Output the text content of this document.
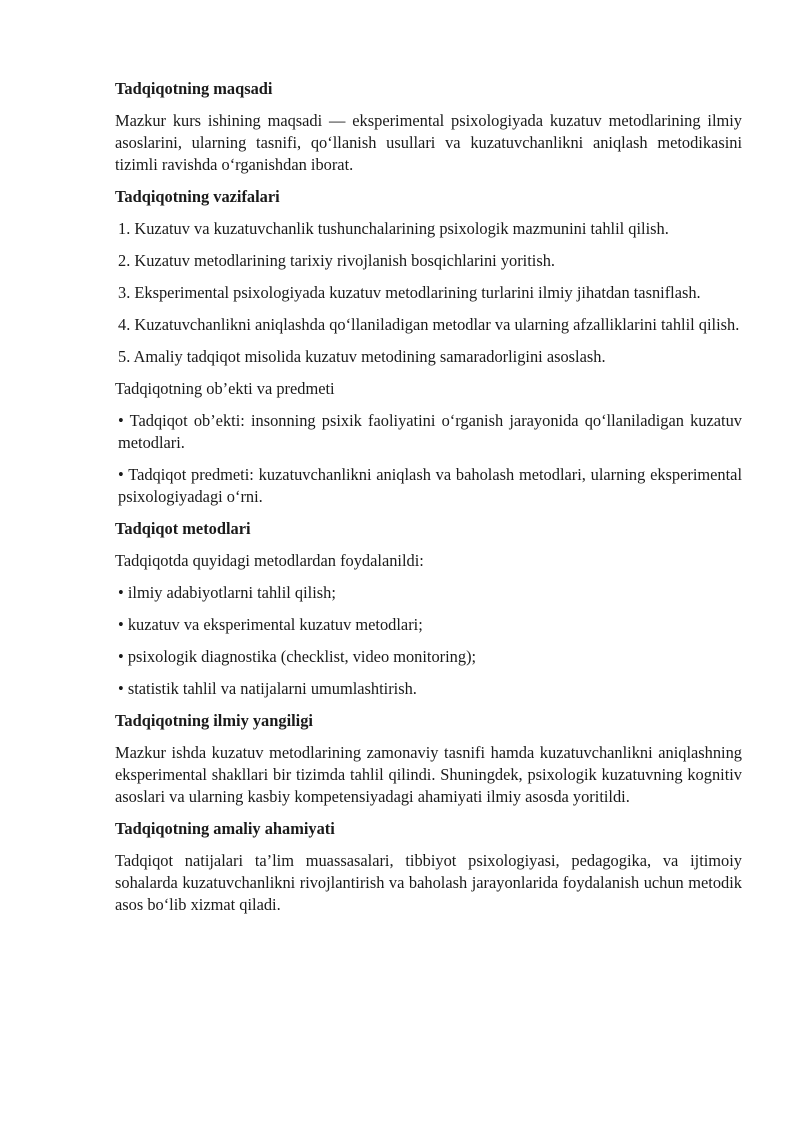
Tadqiqotning maqsadi
Mazkur kurs ishining maqsadi — eksperimental psixologiyada kuzatuv metodlarining ilmiy asoslarini, ularning tasnifi, qo‘llanish usullari va kuzatuvchanlikni aniqlash metodikasini tizimli ravishda o‘rganishdan iborat.
Tadqiqotning vazifalari
1. Kuzatuv va kuzatuvchanlik tushunchalarining psixologik mazmunini tahlil qilish.
2. Kuzatuv metodlarining tarixiy rivojlanish bosqichlarini yoritish.
3. Eksperimental psixologiyada kuzatuv metodlarining turlarini ilmiy jihatdan tasniflash.
4. Kuzatuvchanlikni aniqlashda qo‘llaniladigan metodlar va ularning afzalliklarini tahlil qilish.
5. Amaliy tadqiqot misolida kuzatuv metodining samaradorligini asoslash.
Tadqiqotning ob’ekti va predmeti
• Tadqiqot ob’ekti: insonning psixik faoliyatini o‘rganish jarayonida qo‘llaniladigan kuzatuv metodlari.
• Tadqiqot predmeti: kuzatuvchanlikni aniqlash va baholash metodlari, ularning eksperimental psixologiyadagi o‘rni.
Tadqiqot metodlari
Tadqiqotda quyidagi metodlardan foydalanildi:
• ilmiy adabiyotlarni tahlil qilish;
• kuzatuv va eksperimental kuzatuv metodlari;
• psixologik diagnostika (checklist, video monitoring);
• statistik tahlil va natijalarni umumlashtirish.
Tadqiqotning ilmiy yangiligi
Mazkur ishda kuzatuv metodlarining zamonaviy tasnifi hamda kuzatuvchanlikni aniqlashning eksperimental shakllari bir tizimda tahlil qilindi. Shuningdek, psixologik kuzatuvning kognitiv asoslari va ularning kasbiy kompetensiyadagi ahamiyati ilmiy asosda yoritildi.
Tadqiqotning amaliy ahamiyati
Tadqiqot natijalari ta’lim muassasalari, tibbiyot psixologiyasi, pedagogika, va ijtimoiy sohalarda kuzatuvchanlikni rivojlantirish va baholash jarayonlarida foydalanish uchun metodik asos bo‘lib xizmat qiladi.
